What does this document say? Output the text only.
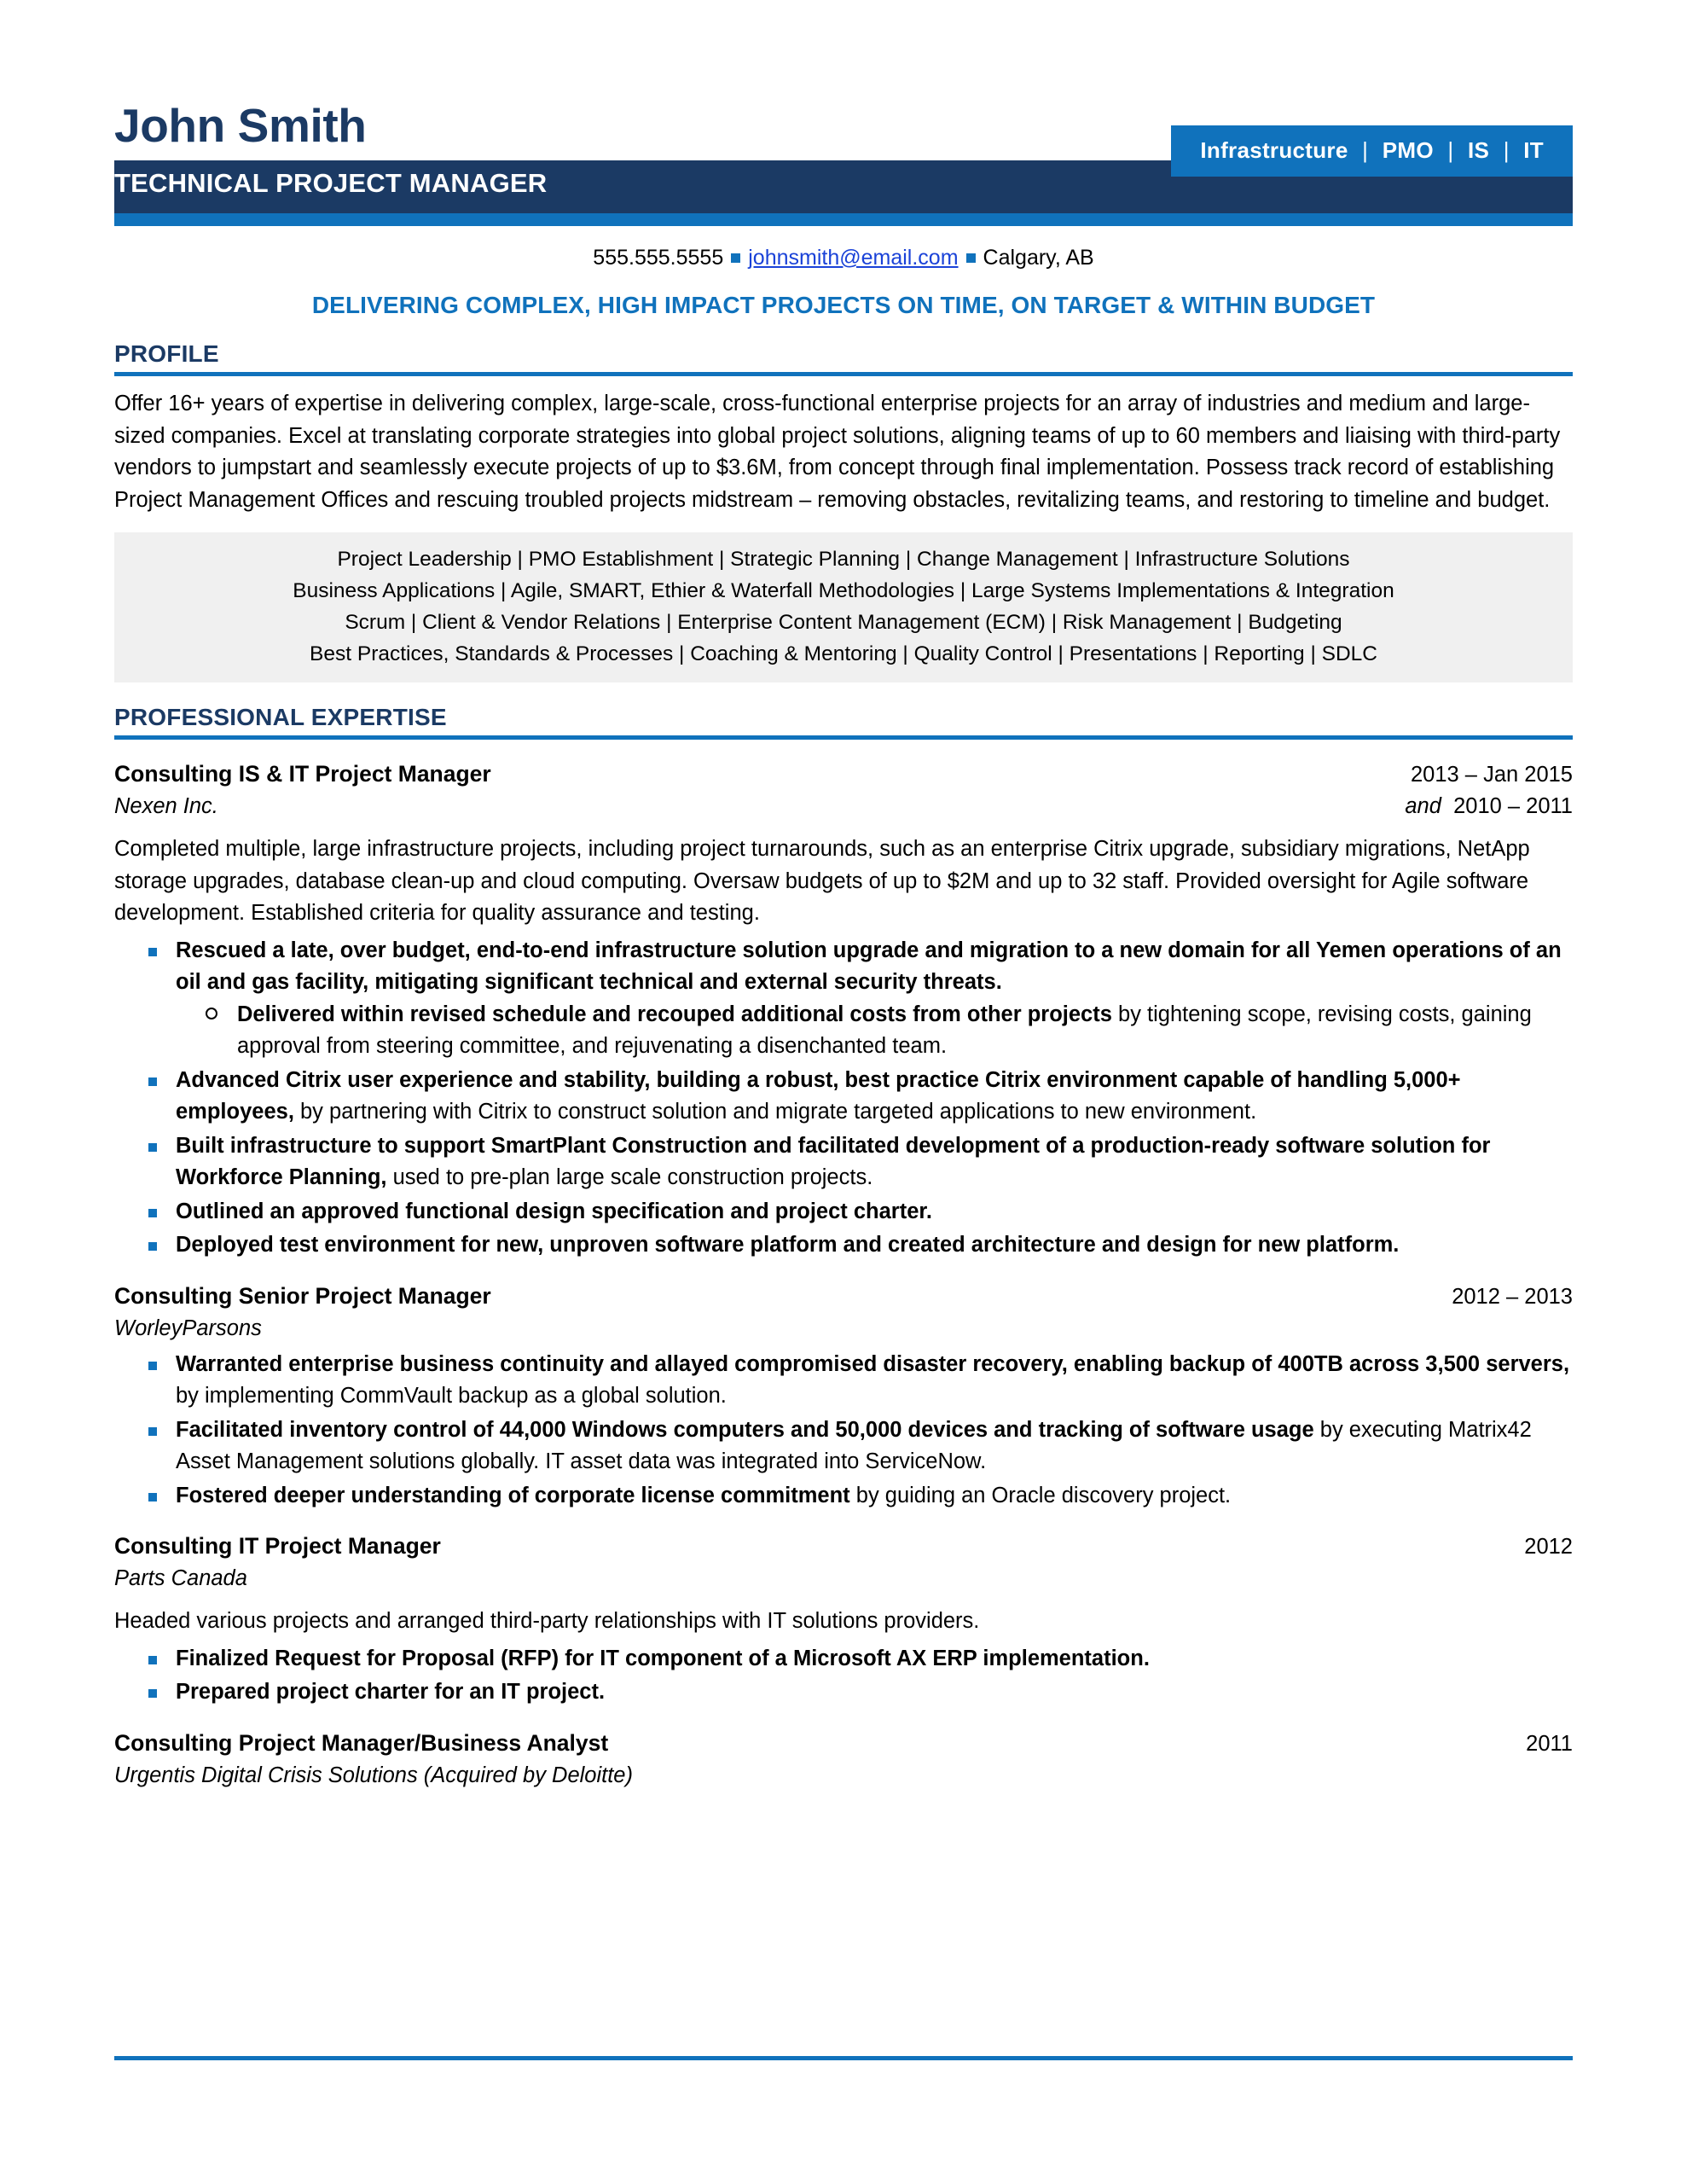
John Smith	Infrastructure | PMO | IS | IT
TECHNICAL PROJECT MANAGER
555.555.5555 johnsmith@email.com Calgary, AB
DELIVERING COMPLEX, HIGH IMPACT PROJECTS ON TIME, ON TARGET & WITHIN BUDGET
PROFILE
Offer 16+ years of expertise in delivering complex, large-scale, cross-functional enterprise projects for an array of industries and medium and large-sized companies. Excel at translating corporate strategies into global project solutions, aligning teams of up to 60 members and liaising with third-party vendors to jumpstart and seamlessly execute projects of up to $3.6M, from concept through final implementation. Possess track record of establishing Project Management Offices and rescuing troubled projects midstream – removing obstacles, revitalizing teams, and restoring to timeline and budget.
Project Leadership | PMO Establishment | Strategic Planning | Change Management | Infrastructure Solutions
Business Applications | Agile, SMART, Ethier & Waterfall Methodologies | Large Systems Implementations & Integration
Scrum | Client & Vendor Relations | Enterprise Content Management (ECM) | Risk Management | Budgeting
Best Practices, Standards & Processes | Coaching & Mentoring | Quality Control | Presentations | Reporting | SDLC
PROFESSIONAL EXPERTISE
Consulting IS & IT Project Manager	2013 – Jan 2015
Nexen Inc.	and  2010 – 2011
Completed multiple, large infrastructure projects, including project turnarounds, such as an enterprise Citrix upgrade, subsidiary migrations, NetApp storage upgrades, database clean-up and cloud computing. Oversaw budgets of up to $2M and up to 32 staff. Provided oversight for Agile software development. Established criteria for quality assurance and testing.
Rescued a late, over budget, end-to-end infrastructure solution upgrade and migration to a new domain for all Yemen operations of an oil and gas facility, mitigating significant technical and external security threats.
Delivered within revised schedule and recouped additional costs from other projects by tightening scope, revising costs, gaining approval from steering committee, and rejuvenating a disenchanted team.
Advanced Citrix user experience and stability, building a robust, best practice Citrix environment capable of handling 5,000+ employees, by partnering with Citrix to construct solution and migrate targeted applications to new environment.
Built infrastructure to support SmartPlant Construction and facilitated development of a production-ready software solution for Workforce Planning, used to pre-plan large scale construction projects.
Outlined an approved functional design specification and project charter.
Deployed test environment for new, unproven software platform and created architecture and design for new platform.
Consulting Senior Project Manager	2012 – 2013
WorleyParsons
Warranted enterprise business continuity and allayed compromised disaster recovery, enabling backup of 400TB across 3,500 servers, by implementing CommVault backup as a global solution.
Facilitated inventory control of 44,000 Windows computers and 50,000 devices and tracking of software usage by executing Matrix42 Asset Management solutions globally. IT asset data was integrated into ServiceNow.
Fostered deeper understanding of corporate license commitment by guiding an Oracle discovery project.
Consulting IT Project Manager	2012
Parts Canada
Headed various projects and arranged third-party relationships with IT solutions providers.
Finalized Request for Proposal (RFP) for IT component of a Microsoft AX ERP implementation.
Prepared project charter for an IT project.
Consulting Project Manager/Business Analyst	2011
Urgentis Digital Crisis Solutions (Acquired by Deloitte)
